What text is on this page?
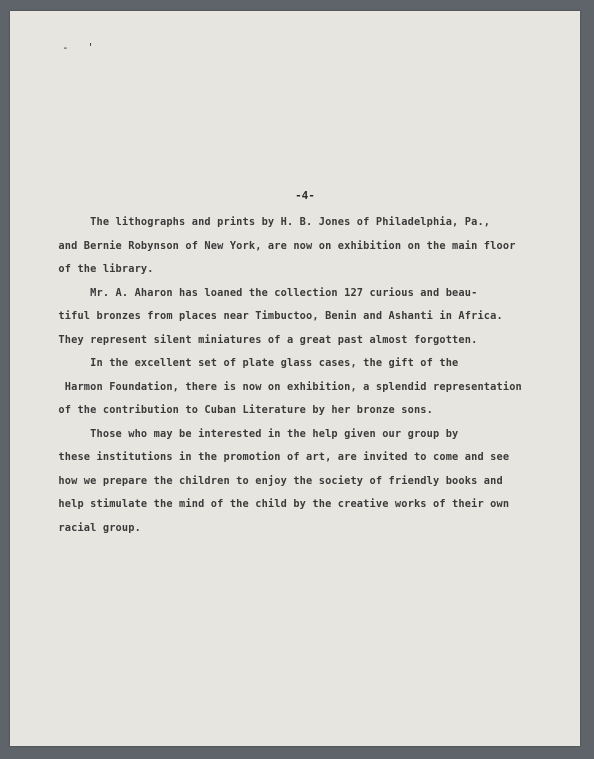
- '
-4-
The lithographs and prints by H. B. Jones of Philadelphia, Pa.,
and Bernie Robynson of New York, are now on exhibition on the main floor
of the library.
Mr. A. Aharon has loaned the collection 127 curious and beau-
tiful bronzes from places near Timbuctoo, Benin and Ashanti in Africa.
They represent silent miniatures of a great past almost forgotten.
In the excellent set of plate glass cases, the gift of the
Harmon Foundation, there is now on exhibition, a splendid representation
of the contribution to Cuban Literature by her bronze sons.
Those who may be interested in the help given our group by
these institutions in the promotion of art, are invited to come and see
how we prepare the children to enjoy the society of friendly books and
help stimulate the mind of the child by the creative works of their own
racial group.
